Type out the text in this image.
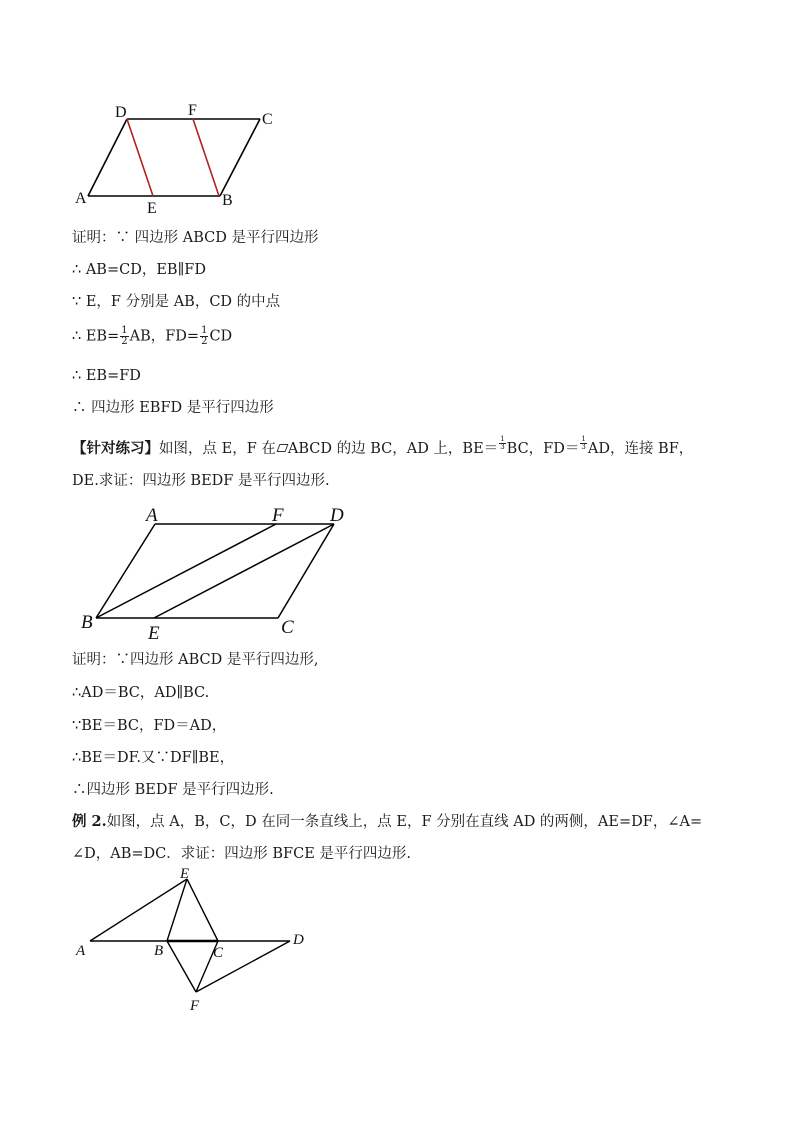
D	F
C
A
E	B
证明：∵ 四边形 ABCD 是平行四边形
∴ AB=CD，EB∥FD
∵ E，F 分别是 AB，CD 的中点
∴ $EB= \frac{1}{2}$ AB，$FD= \frac{1}{2}$ CD
∴ EB=FD
∴ 四边形 EBFD 是平行四边形
【针对练习】如图，点 E，F 在 ABCD 的边 BC，AD 上，$BE= \frac{1}{3}$ BC，$FD= \frac{1}{3}$ AD，连接 BF，
DE.求证：四边形 BEDF 是平行四边形.
A	F D
B
E	C
证明：∵四边形 ABCD 是平行四边形,
∴AD＝BC，AD∥BC.
∵BE＝BC，FD＝AD，
∴BE＝DF.又∵DF∥BE，
∴四边形 BEDF 是平行四边形.
例 2.如图，点 A，B，C，D 在同一条直线上，点 E，F 分别在直线 AD 的两侧，AE=DF，∠A=
∠D，AB=DC．求证：四边形 BFCE 是平行四边形.
E
A	B	C
D
F
